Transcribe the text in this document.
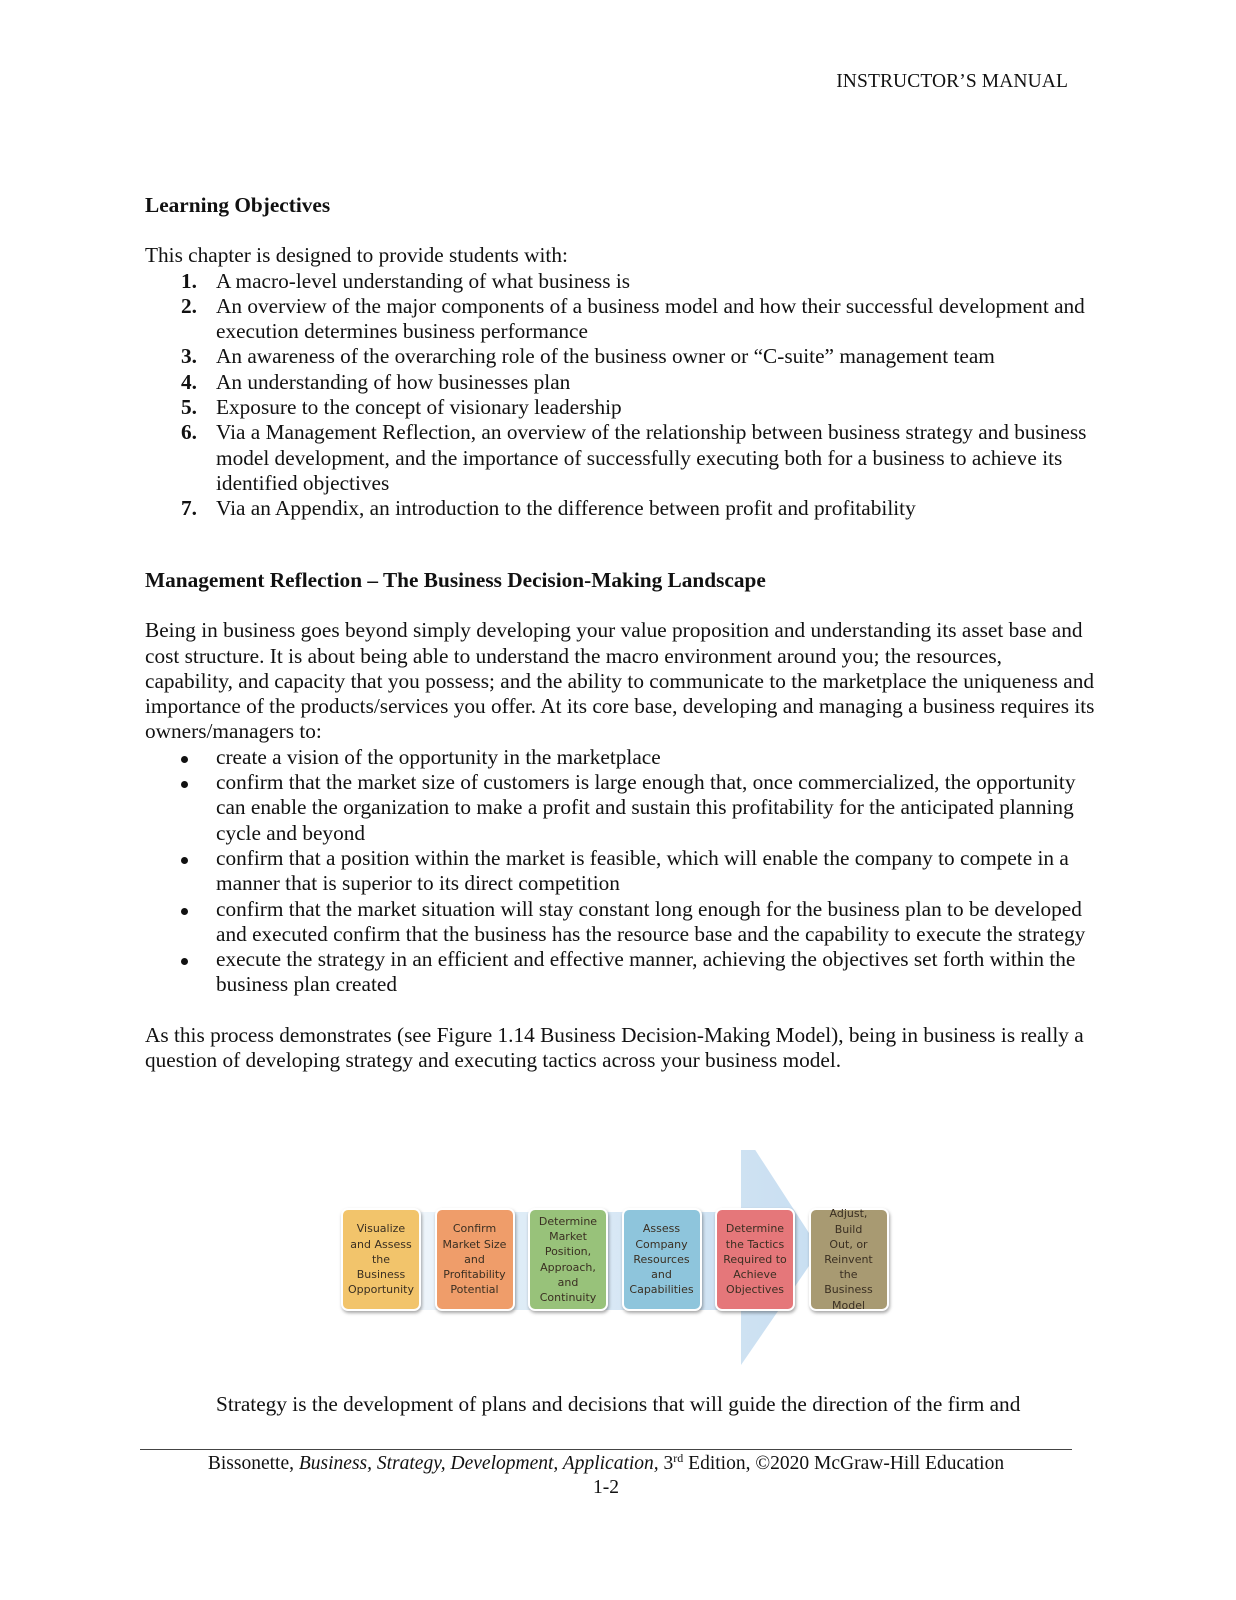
INSTRUCTOR’S MANUAL

Learning Objectives

This chapter is designed to provide students with:

1. A macro-level understanding of what business is
2. An overview of the major components of a business model and how their successful development and execution determines business performance
3. An awareness of the overarching role of the business owner or “C-suite” management team
4. An understanding of how businesses plan
5. Exposure to the concept of visionary leadership
6. Via a Management Reflection, an overview of the relationship between business strategy and business model development, and the importance of successfully executing both for a business to achieve its identified objectives
7. Via an Appendix, an introduction to the difference between profit and profitability

Management Reflection – The Business Decision-Making Landscape

Being in business goes beyond simply developing your value proposition and understanding its asset base and cost structure. It is about being able to understand the macro environment around you; the resources, capability, and capacity that you possess; and the ability to communicate to the marketplace the uniqueness and importance of the products/services you offer. At its core base, developing and managing a business requires its owners/managers to:

create a vision of the opportunity in the marketplace
confirm that the market size of customers is large enough that, once commercialized, the opportunity can enable the organization to make a profit and sustain this profitability for the anticipated planning cycle and beyond
confirm that a position within the market is feasible, which will enable the company to compete in a manner that is superior to its direct competition
confirm that the market situation will stay constant long enough for the business plan to be developed and executed confirm that the business has the resource base and the capability to execute the strategy
execute the strategy in an efficient and effective manner, achieving the objectives set forth within the business plan created

As this process demonstrates (see Figure 1.14 Business Decision-Making Model), being in business is really a question of developing strategy and executing tactics across your business model.

Visualize
and Assess
the
Business
Opportunity
Confirm
Market Size
and
Profitability
Potential
Determine
Market
Position,
Approach,
and
Continuity
Assess
Company
Resources
and
Capabilities
Determine
the Tactics
Required to
Achieve
Objectives
Adjust, Build
Out, or
Reinvent the
Business
Model

Strategy is the development of plans and decisions that will guide the direction of the firm and

Bissonette, Business, Strategy, Development, Application, 3rd Edition, ©2020 McGraw-Hill Education
1-2
